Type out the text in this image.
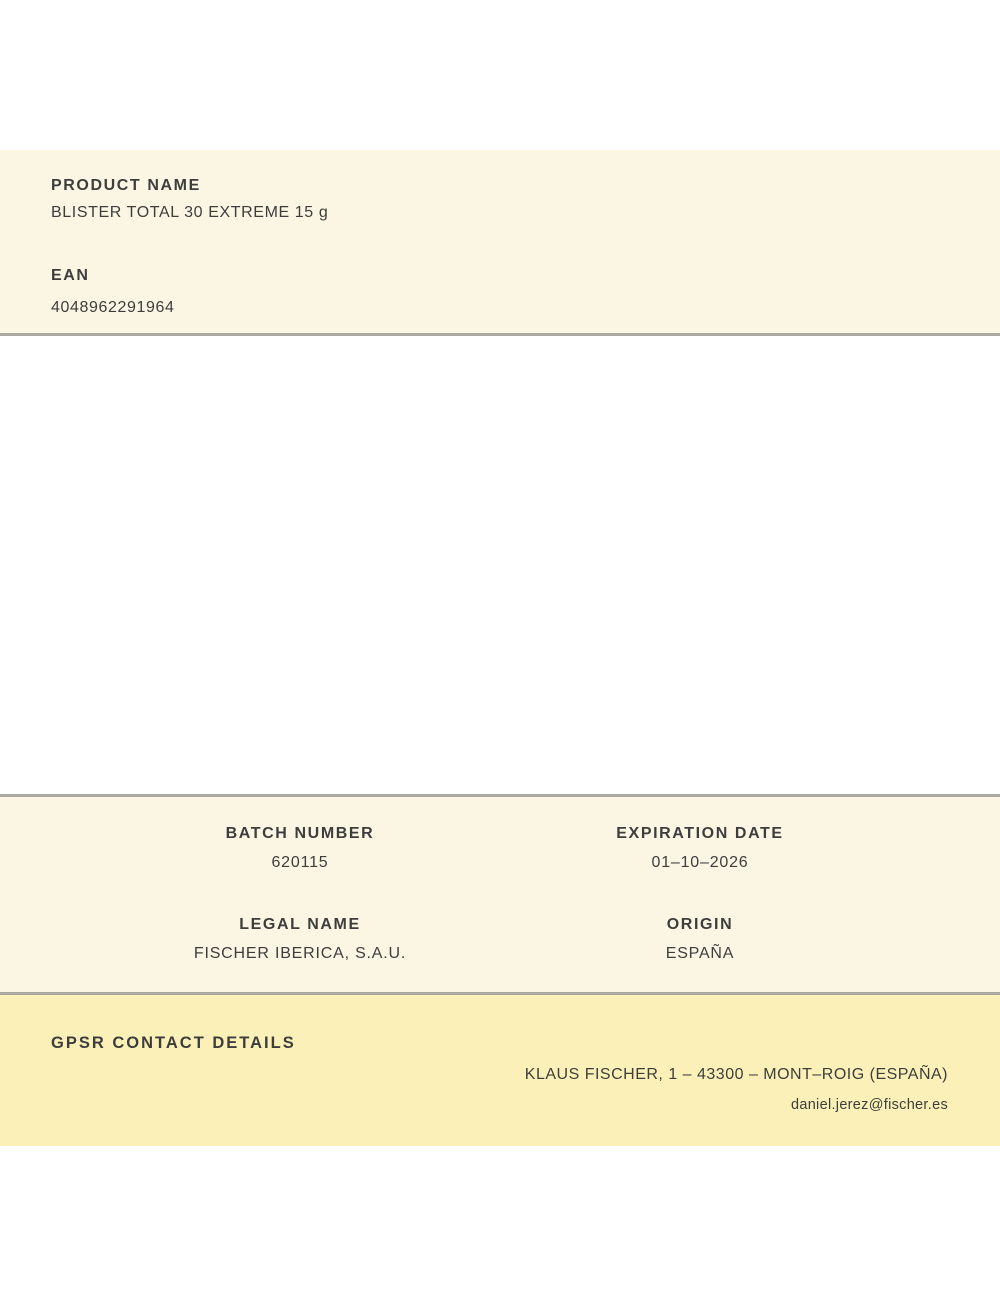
PRODUCT NAME
BLISTER TOTAL 30 EXTREME 15 g
EAN
4048962291964
BATCH NUMBER
620115
EXPIRATION DATE
01–10–2026
LEGAL NAME
FISCHER IBERICA, S.A.U.
ORIGIN
ESPAÑA
GPSR CONTACT DETAILS
KLAUS FISCHER, 1 – 43300 – MONT–ROIG (ESPAÑA)
daniel.jerez@fischer.es
